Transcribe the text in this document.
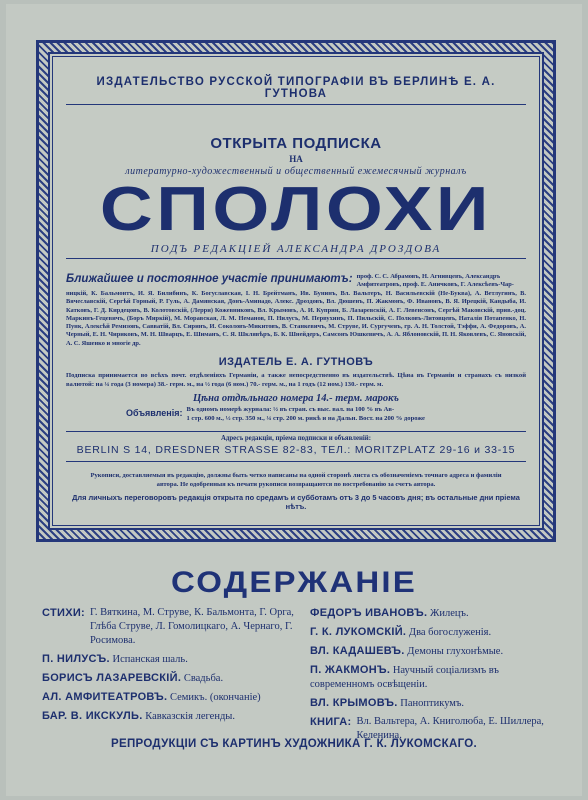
ИЗДАТЕЛЬСТВО РУССКОЙ ТИПОГРАФIИ ВЪ БЕРЛИНѢ Е. А. ГУТНОВА
ОТКРЫТА ПОДПИСКА
НА
литературно-художественный и общественный ежемесячный журналъ
СПОЛОХИ
ПОДЪ РЕДАКЦIЕЙ АЛЕКСАНДРА ДРОЗДОВА
Ближайшее и постоянное участіе принимаютъ: проф. С. С. Абрамовъ, Н. Агнивцевъ, Александръ Амфитеатровъ, проф. Е. Аничковъ, Г. Алексѣевъ-Чар-
ницкій, К. Бальмонтъ, И. Я. Билибинъ, К. Богуславская, І. Н. Брейтманъ, Ив. Бунинъ, Вл. Вальтеръ, Н. Васильевскій (Не-Буква), А. Ветлугинъ, В. Вячеславскій, Сергѣй Горный, Р. Гуль, А. Дамянская, Донъ-Аминадо, Алекс. Дроздовъ, Вл. Дюшенъ, П. Жакмонъ, Ф. Ивановъ, В. Я. Ирецкій, Кандыба, И. Катковъ, Г. Д. Кирдецовъ, В. Колотовскій, (Лерри) Кожевниковъ, Вл. Крымовъ, А. И. Куприн, Б. Лазаревскій, А. Г. Левенсонъ, Сергѣй Маковскій, прив.-доц. Маркинъ-Гецевичъ, (Боръ Миркій), М. Моравская, Л. М. Неманов, П. Нилусъ, М. Первухинъ, П. Пильскій, С. Полковъ-Литовцевъ, Наталія Потапенко, Н. Пунк, Алексѣй Ремизовъ, Савватій, Вл. Сиринъ, И. Соколовъ-Микитовъ, В. Станкевичъ, М. Струве, И. Сургучевъ, гр. А. Н. Толстой, Тэффи, А. Федоровъ, А. Черный, Е. Н. Чириковъ, М. Н. Шварцъ, Е. Шиманъ, С. Я. Шклявѣръ, Б. К. Шнейдеръ, Самсонъ Юшкевичъ, А. А. Яблоновскій, П. Н. Яковлевъ, С. Яновскій, А. С. Яшенко и многіе др.
ИЗДАТЕЛЬ Е. А. ГУТНОВЪ
Подписка принимается во всѣхъ почт. отдѣленіяхъ Германіи, а также непосредственно въ издательствѣ. Цѣна въ Германіи и странахъ съ низкой валютой: на ¼ года (3 номера) 38.- герм. м., на ½ года (6 ном.) 70.- герм. м., на 1 годъ (12 ном.) 130.- герм. м.
Цѣна отдѣльнаго номера 14.- терм. марокъ
Объявленія: Въ одномъ номерѣ журнала: ½ въ стран. съ выс. вал. на 100 % въ Ав-
1 стр. 600 м., ½ стр. 350 м., ¼ стр. 200 м. рикѣ и на Дальн. Вост. на 200 % дороже
Адресъ редакціи, пріема подписки и объявленій:
BERLIN S 14, DRESDNER STRASSE 82-83, ТЕЛ.: MORITZPLATZ 29-16 и 33-15
Рукописи, доставляемыя въ редакцію, должны быть четко написаны на одной сторонѣ листа съ обозначеніемъ точнаго адреса и фамиліи автора. Не одобренныя къ печати рукописи возвращаются по востребованію за счетъ автора.
Для личныхъ переговоровъ редакція открыта по средамъ и субботамъ отъ 3 до 5 часовъ дня; въ остальные дни пріема нѣтъ.
СОДЕРЖАНІЕ
СТИХИ: Г. Вяткина, М. Струве, К. Бальмонта, Г. Орга, Глѣба Струве, Л. Гомолицкаго, А. Чернаго, Г. Росимова.
П. НИЛУСЪ. Испанская шаль.
БОРИСЪ ЛАЗАРЕВСКІЙ. Свадьба.
АЛ. АМФИТЕАТРОВЪ. Семикъ. (окончаніе)
БАР. В. ИКСКУЛЬ. Кавказскія легенды.
ФЕДОРЪ ИВАНОВЪ. Жилецъ.
Г. К. ЛУКОМСКІЙ. Два богослуженія.
ВЛ. КАДАШЕВЪ. Демоны глухонѣмые.
П. ЖАКМОНЪ. Научный соціализмъ въ современномъ освѣщеніи.
ВЛ. КРЫМОВЪ. Паноптикумъ.
КНИГА: Вл. Вальтера, А. Книголюба, Е. Шиллера, Келенина.
РЕПРОДУКЦІИ СЪ КАРТИНЪ ХУДОЖНИКА Г. К. ЛУКОМСКАГО.
